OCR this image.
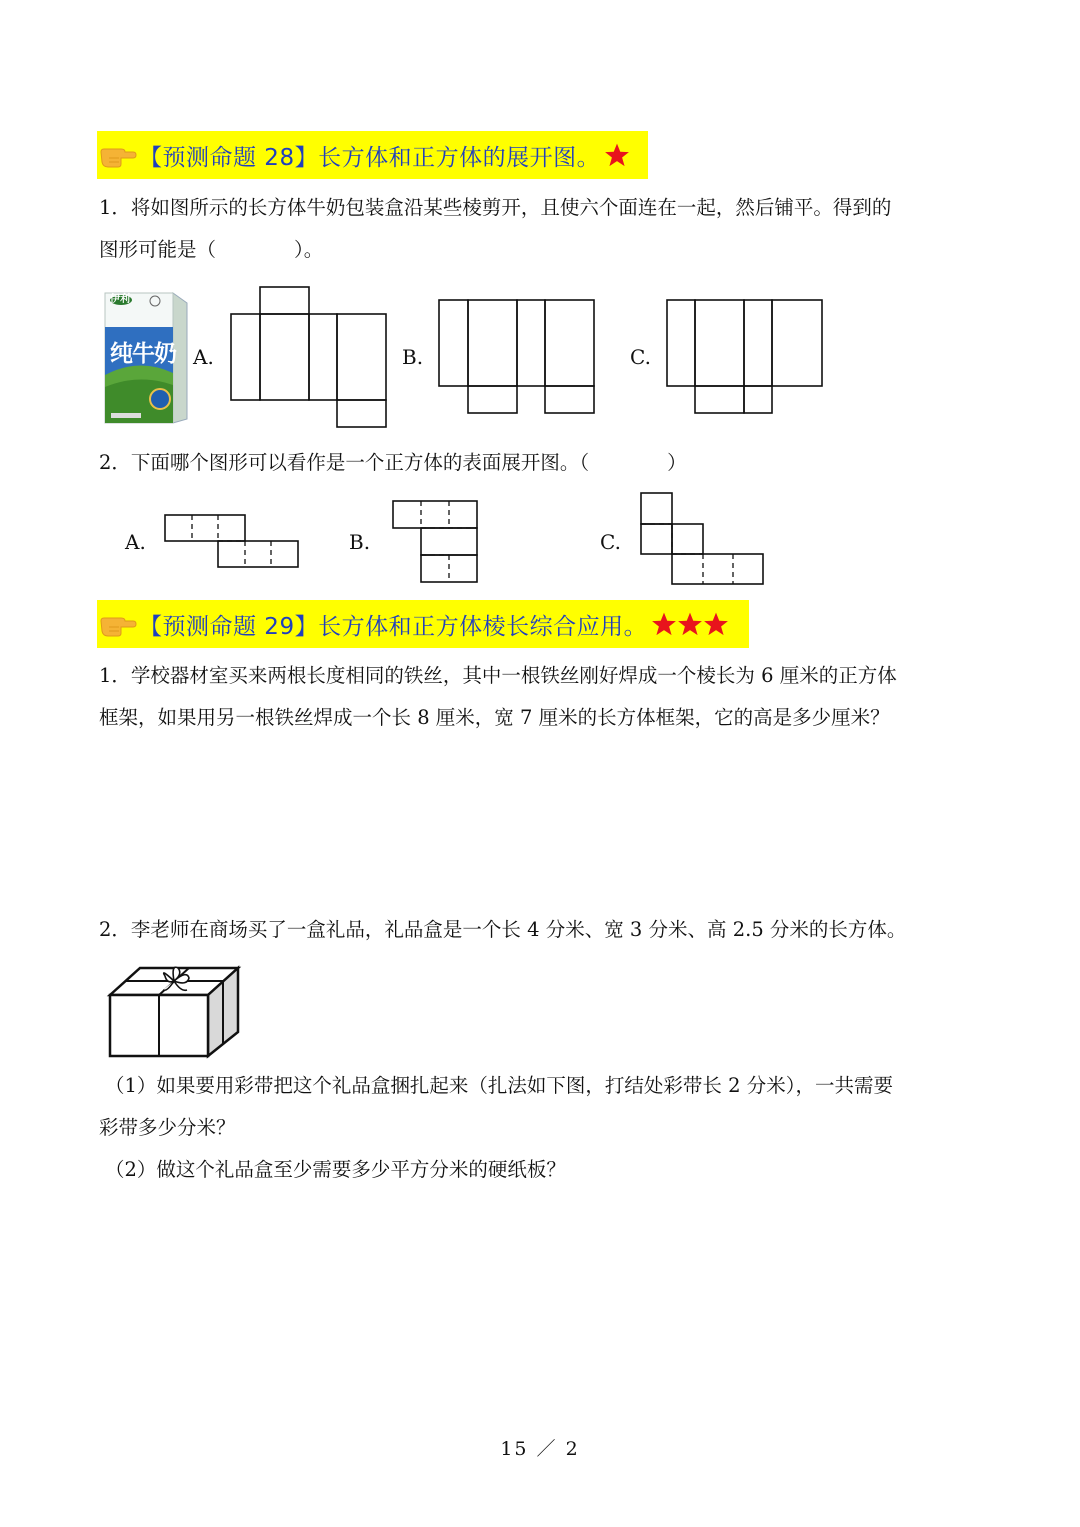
【预测命题 28】长方体和正方体的展开图。
1．将如图所示的长方体牛奶包装盒沿某些棱剪开，且使六个面连在一起，然后铺平。得到的
图形可能是（　　　　）。
伊利
纯牛奶 A.	B.	C.
2．下面哪个图形可以看作是一个正方体的表面展开图。（　　　　）
A.	B.	C.
【预测命题 29】长方体和正方体棱长综合应用。
1．学校器材室买来两根长度相同的铁丝，其中一根铁丝刚好焊成一个棱长为 6 厘米的正方体
框架，如果用另一根铁丝焊成一个长 8 厘米，宽 7 厘米的长方体框架，它的高是多少厘米？
2．李老师在商场买了一盒礼品，礼品盒是一个长 4 分米、宽 3 分米、高 2.5 分米的长方体。
（1）如果要用彩带把这个礼品盒捆扎起来（扎法如下图，打结处彩带长 2 分米），一共需要
彩带多少分米？
（2）做这个礼品盒至少需要多少平方分米的硬纸板？
15 ／ 2
